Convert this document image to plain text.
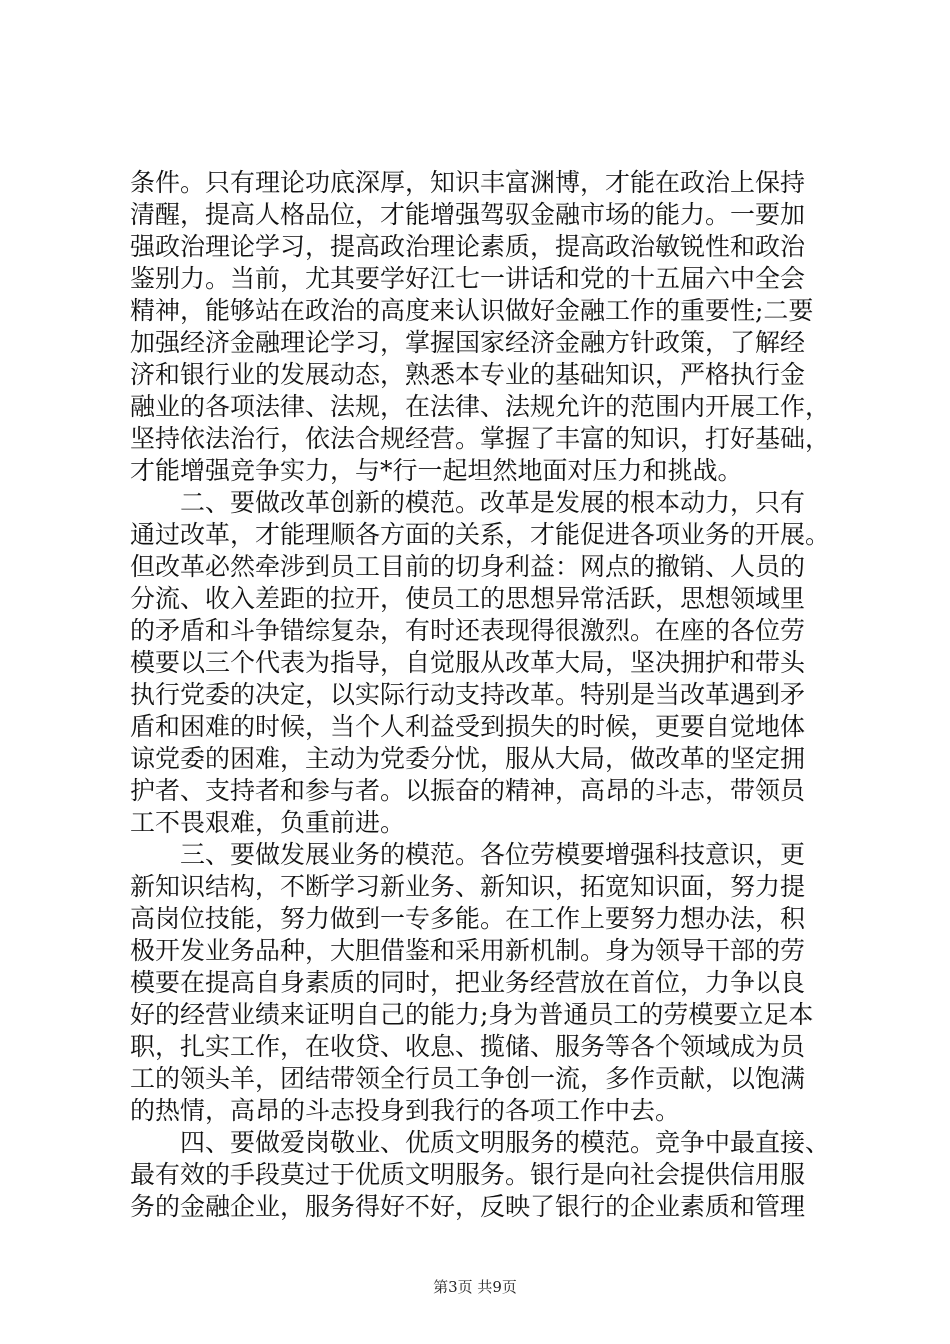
条件。只有理论功底深厚，知识丰富渊博，才能在政治上保持
清醒，提高人格品位，才能增强驾驭金融市场的能力。一要加
强政治理论学习，提高政治理论素质，提高政治敏锐性和政治
鉴别力。当前，尤其要学好江七一讲话和党的十五届六中全会
精神，能够站在政治的高度来认识做好金融工作的重要性;二要
加强经济金融理论学习，掌握国家经济金融方针政策，了解经
济和银行业的发展动态，熟悉本专业的基础知识，严格执行金
融业的各项法律、法规，在法律、法规允许的范围内开展工作，
坚持依法治行，依法合规经营。掌握了丰富的知识，打好基础，
才能增强竞争实力，与*行一起坦然地面对压力和挑战。
　　二、要做改革创新的模范。改革是发展的根本动力，只有
通过改革，才能理顺各方面的关系，才能促进各项业务的开展。
但改革必然牵涉到员工目前的切身利益：网点的撤销、人员的
分流、收入差距的拉开，使员工的思想异常活跃，思想领域里
的矛盾和斗争错综复杂，有时还表现得很激烈。在座的各位劳
模要以三个代表为指导，自觉服从改革大局，坚决拥护和带头
执行党委的决定，以实际行动支持改革。特别是当改革遇到矛
盾和困难的时候，当个人利益受到损失的时候，更要自觉地体
谅党委的困难，主动为党委分忧，服从大局，做改革的坚定拥
护者、支持者和参与者。以振奋的精神，高昂的斗志，带领员
工不畏艰难，负重前进。
　　三、要做发展业务的模范。各位劳模要增强科技意识，更
新知识结构，不断学习新业务、新知识，拓宽知识面，努力提
高岗位技能，努力做到一专多能。在工作上要努力想办法，积
极开发业务品种，大胆借鉴和采用新机制。身为领导干部的劳
模要在提高自身素质的同时，把业务经营放在首位，力争以良
好的经营业绩来证明自己的能力;身为普通员工的劳模要立足本
职，扎实工作，在收贷、收息、揽储、服务等各个领域成为员
工的领头羊，团结带领全行员工争创一流，多作贡献，以饱满
的热情，高昂的斗志投身到我行的各项工作中去。
　　四、要做爱岗敬业、优质文明服务的模范。竞争中最直接、
最有效的手段莫过于优质文明服务。银行是向社会提供信用服
务的金融企业，服务得好不好，反映了银行的企业素质和管理
第3页 共9页
